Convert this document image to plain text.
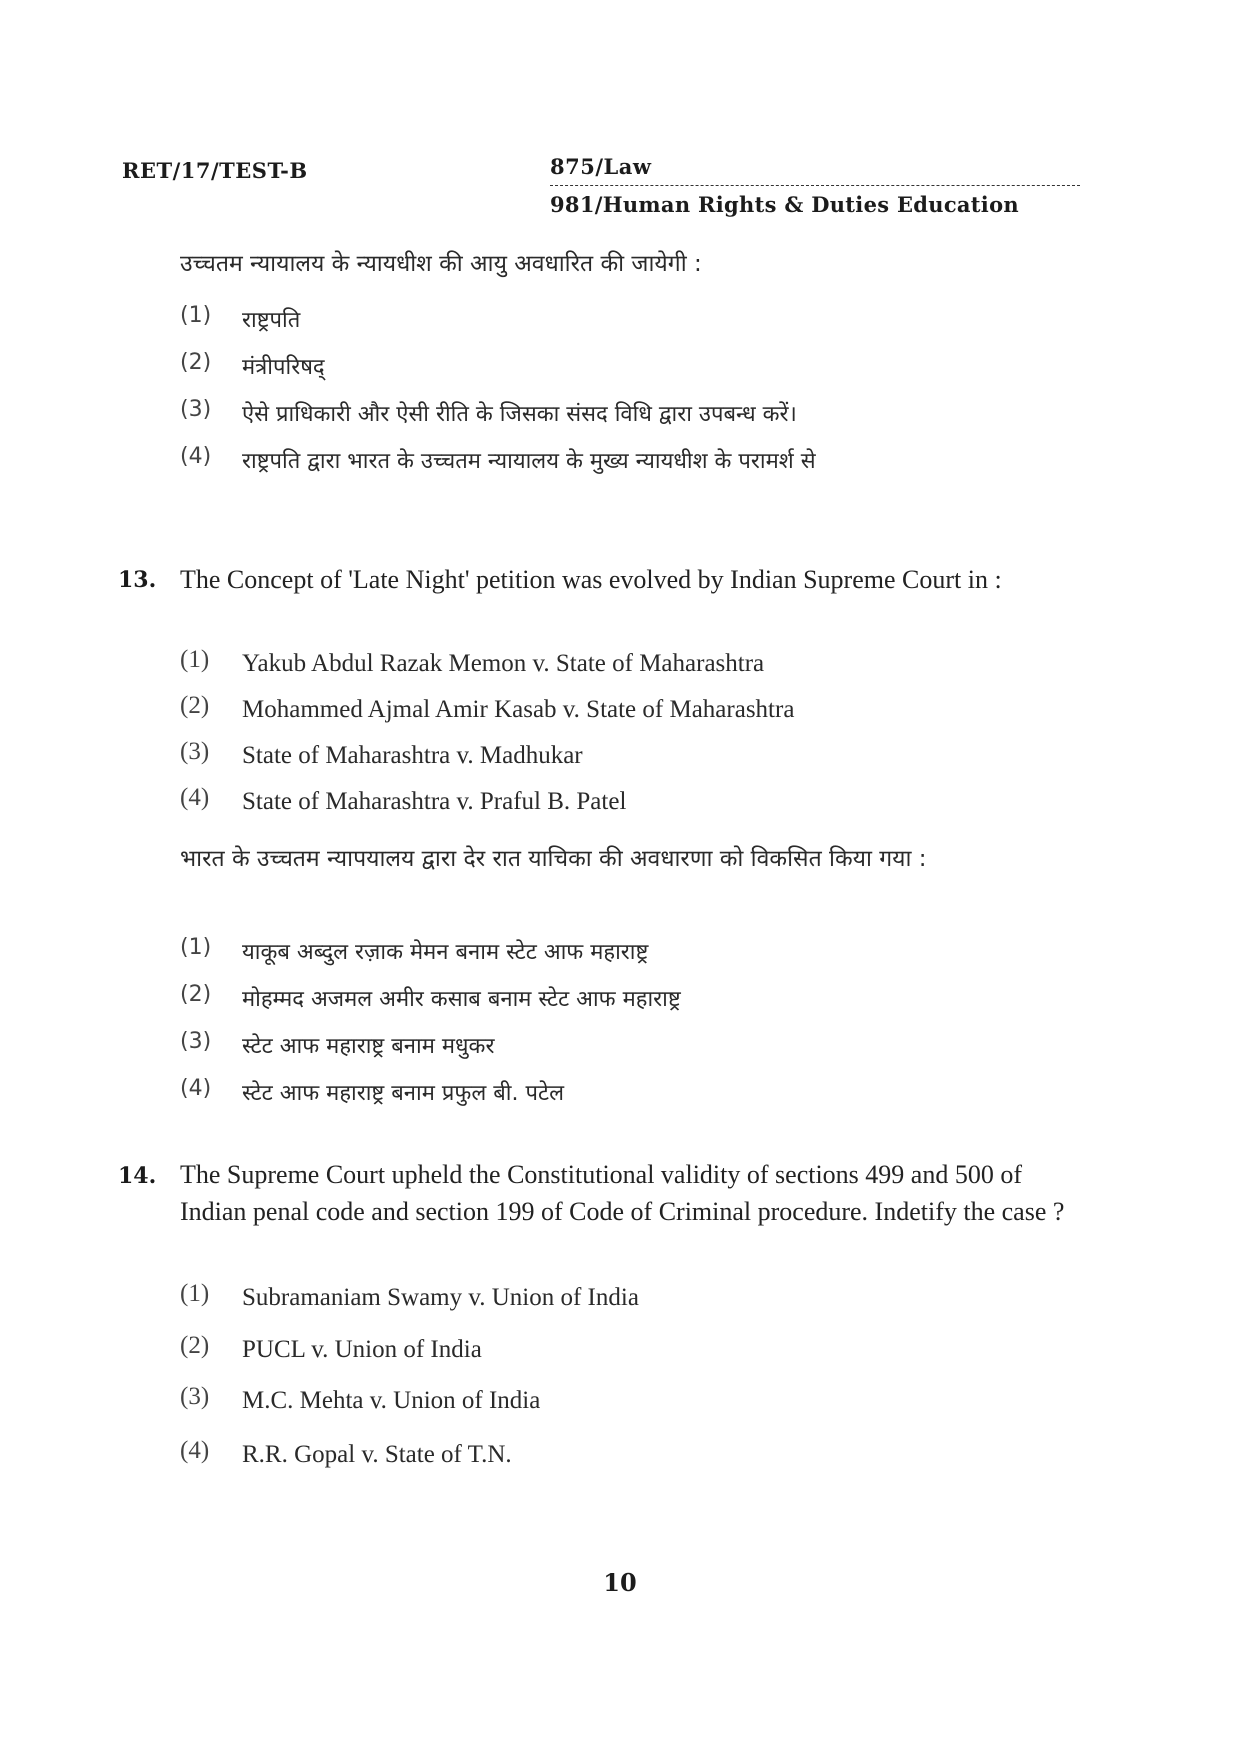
RET/17/TEST-B	875/Law
981/Human Rights & Duties Education
उच्चतम न्यायालय के न्यायधीश की आयु अवधारित की जायेगी :
(1) राष्ट्रपति
(2) मंत्रीपरिषद्
(3) ऐसे प्राधिकारी और ऐसी रीति के जिसका संसद विधि द्वारा उपबन्ध करें।
(4) राष्ट्रपति द्वारा भारत के उच्चतम न्यायालय के मुख्य न्यायधीश के परामर्श से
13. The Concept of 'Late Night' petition was evolved by Indian Supreme Court in :
(1) Yakub Abdul Razak Memon v. State of Maharashtra
(2) Mohammed Ajmal Amir Kasab v. State of Maharashtra
(3) State of Maharashtra v. Madhukar
(4) State of Maharashtra v. Praful B. Patel
भारत के उच्चतम न्यापयालय द्वारा देर रात याचिका की अवधारणा को विकसित किया गया :
(1) याकूब अब्दुल रज़ाक मेमन बनाम स्टेट आफ महाराष्ट्र
(2) मोहम्मद अजमल अमीर कसाब बनाम स्टेट आफ महाराष्ट्र
(3) स्टेट आफ महाराष्ट्र बनाम मधुकर
(4) स्टेट आफ महाराष्ट्र बनाम प्रफुल बी. पटेल
14. The Supreme Court upheld the Constitutional validity of sections 499 and 500 of Indian penal code and section 199 of Code of Criminal procedure. Indetify the case ?
(1) Subramaniam Swamy v. Union of India
(2) PUCL v. Union of India
(3) M.C. Mehta v. Union of India
(4) R.R. Gopal v. State of T.N.
10
